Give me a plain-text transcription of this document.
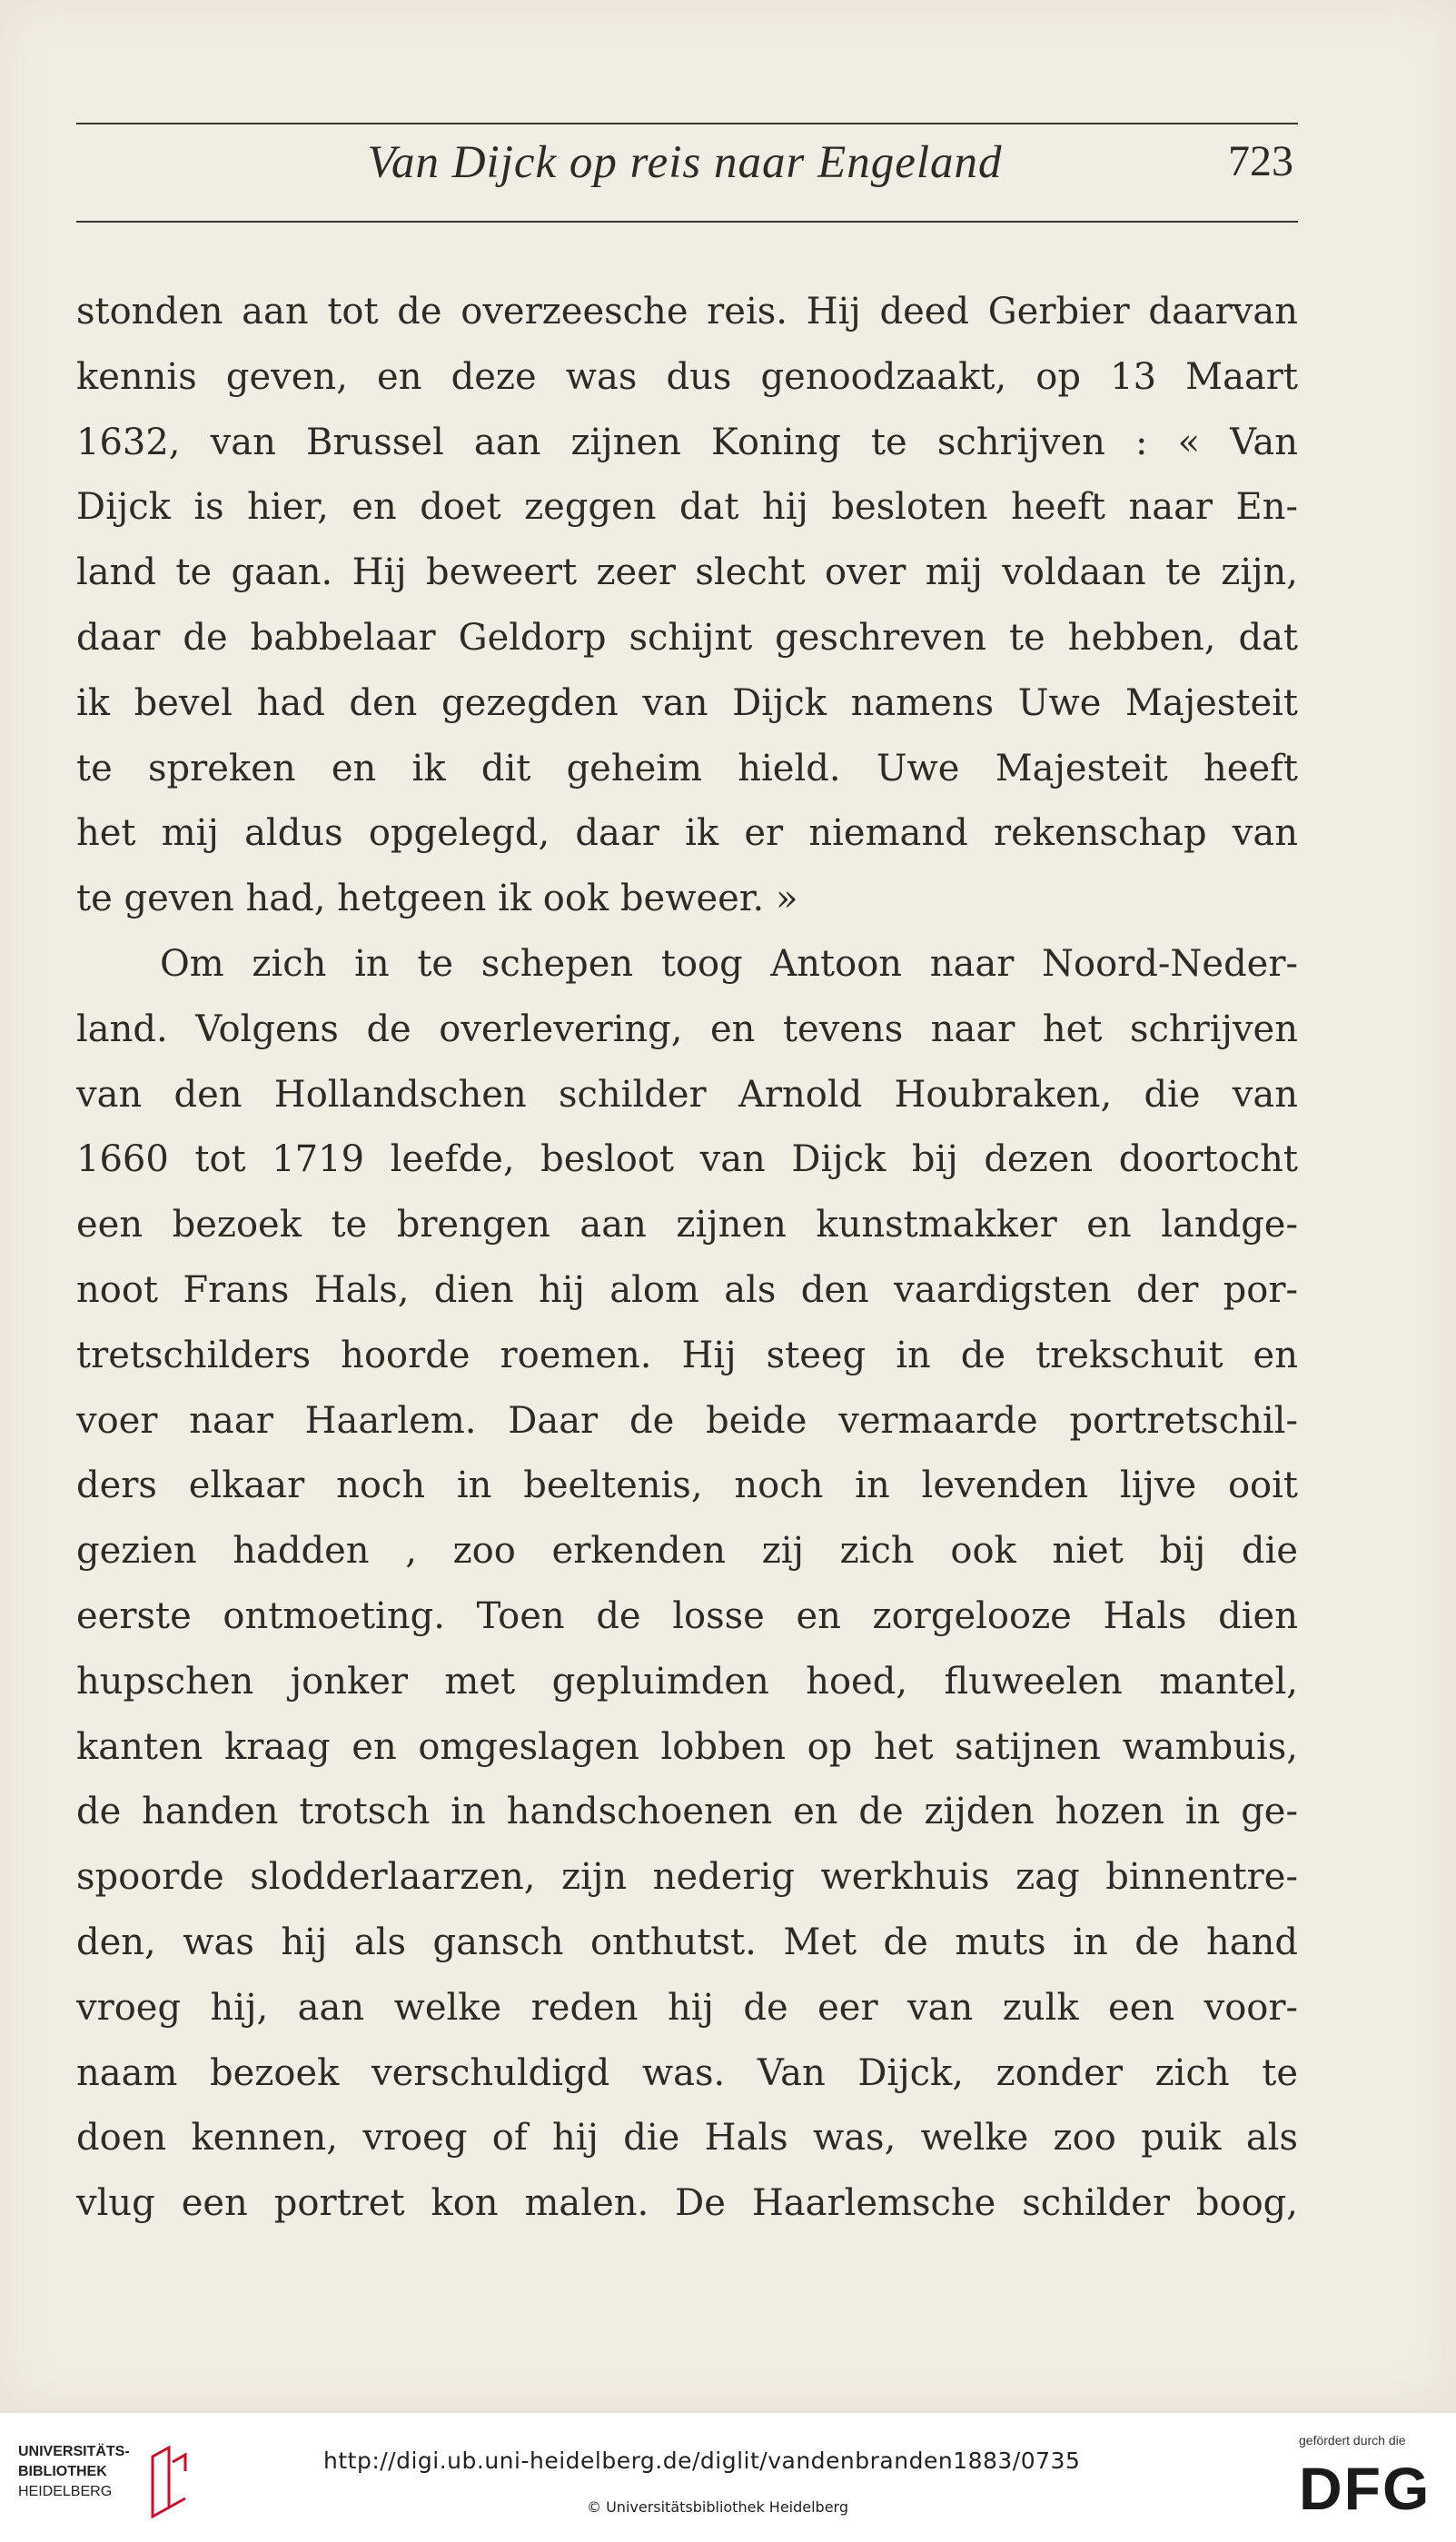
Van Dijck op reis naar Engeland	723
stonden aan tot de overzeesche reis. Hij deed Gerbier daarvan
kennis geven, en deze was dus genoodzaakt, op 13 Maart
1632, van Brussel aan zijnen Koning te schrijven : « Van
Dijck is hier, en doet zeggen dat hij besloten heeft naar En-
land te gaan. Hij beweert zeer slecht over mij voldaan te zijn,
daar de babbelaar Geldorp schijnt geschreven te hebben, dat
ik bevel had den gezegden van Dijck namens Uwe Majesteit
te spreken en ik dit geheim hield. Uwe Majesteit heeft
het mij aldus opgelegd, daar ik er niemand rekenschap van
te geven had, hetgeen ik ook beweer. »
Om zich in te schepen toog Antoon naar Noord-Neder-
land. Volgens de overlevering, en tevens naar het schrijven
van den Hollandschen schilder Arnold Houbraken, die van
1660 tot 1719 leefde, besloot van Dijck bij dezen doortocht
een bezoek te brengen aan zijnen kunstmakker en landge-
noot Frans Hals, dien hij alom als den vaardigsten der por-
tretschilders hoorde roemen. Hij steeg in de trekschuit en
voer naar Haarlem. Daar de beide vermaarde portretschil-
ders elkaar noch in beeltenis, noch in levenden lijve ooit
gezien hadden , zoo erkenden zij zich ook niet bij die
eerste ontmoeting. Toen de losse en zorgelooze Hals dien
hupschen jonker met gepluimden hoed, fluweelen mantel,
kanten kraag en omgeslagen lobben op het satijnen wambuis,
de handen trotsch in handschoenen en de zijden hozen in ge-
spoorde slodderlaarzen, zijn nederig werkhuis zag binnentre-
den, was hij als gansch onthutst. Met de muts in de hand
vroeg hij, aan welke reden hij de eer van zulk een voor-
naam bezoek verschuldigd was. Van Dijck, zonder zich te
doen kennen, vroeg of hij die Hals was, welke zoo puik als
vlug een portret kon malen. De Haarlemsche schilder boog,
UNIVERSITÄTS-
BIBLIOTHEK
HEIDELBERG
http://digi.ub.uni-heidelberg.de/diglit/vandenbranden1883/0735
© Universitätsbibliothek Heidelberg
gefördert durch die
DFG
